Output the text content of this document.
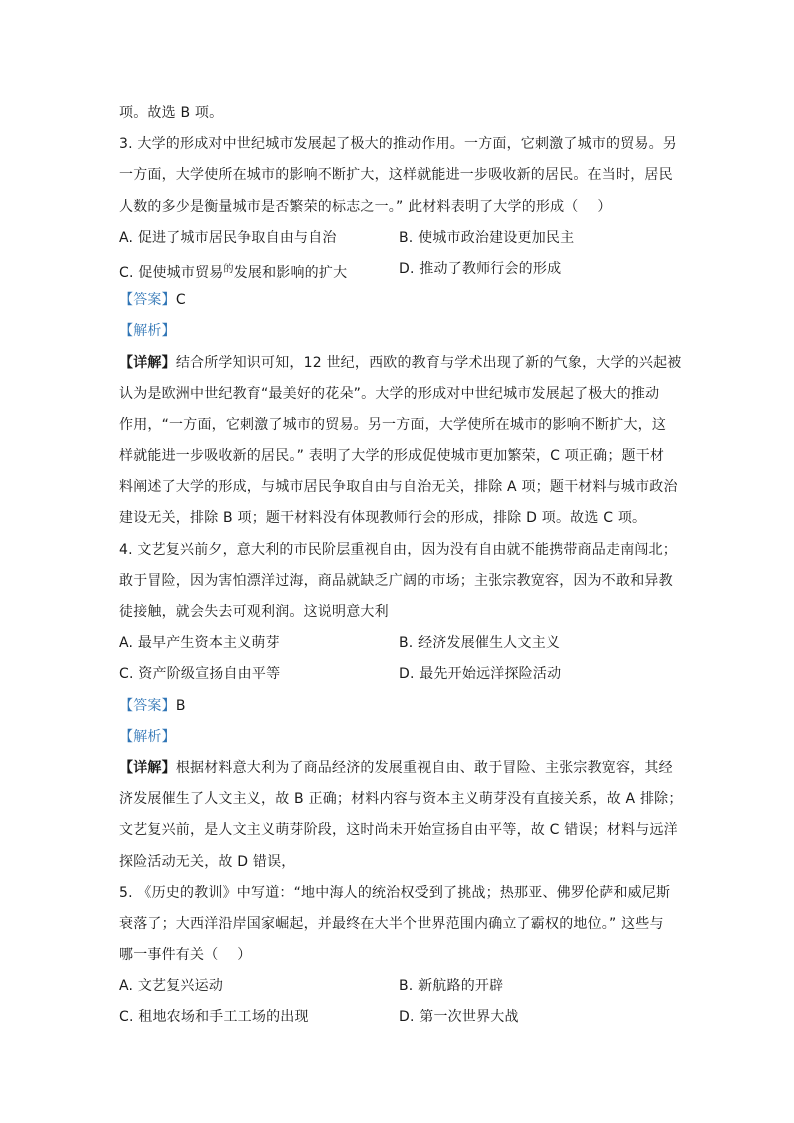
项。故选 B 项。
3. 大学的形成对中世纪城市发展起了极大的推动作用。一方面，它刺激了城市的贸易。另
一方面，大学使所在城市的影响不断扩大，这样就能进一步吸收新的居民。在当时，居民
人数的多少是衡量城市是否繁荣的标志之一。” 此材料表明了大学的形成（　 ）
A. 促进了城市居民争取自由与自治	B. 使城市政治建设更加民主
C. 促使城市贸易$^的$发展和影响的扩大	D. 推动了教师行会的形成
【答案】C
【解析】
【详解】结合所学知识可知，12 世纪，西欧的教育与学术出现了新的气象，大学的兴起被
认为是欧洲中世纪教育“最美好的花朵”。大学的形成对中世纪城市发展起了极大的推动
作用，“一方面，它刺激了城市的贸易。另一方面，大学使所在城市的影响不断扩大，这
样就能进一步吸收新的居民。” 表明了大学的形成促使城市更加繁荣，C 项正确；题干材
料阐述了大学的形成，与城市居民争取自由与自治无关，排除 A 项；题干材料与城市政治
建设无关，排除 B 项；题干材料没有体现教师行会的形成，排除 D 项。故选 C 项。
4. 文艺复兴前夕，意大利的市民阶层重视自由，因为没有自由就不能携带商品走南闯北；
敢于冒险，因为害怕漂洋过海，商品就缺乏广阔的市场；主张宗教宽容，因为不敢和异教
徒接触，就会失去可观利润。这说明意大利
A. 最早产生资本主义萌芽	B. 经济发展催生人文主义
C. 资产阶级宣扬自由平等	D. 最先开始远洋探险活动
【答案】B
【解析】
【详解】根据材料意大利为了商品经济的发展重视自由、敢于冒险、主张宗教宽容，其经
济发展催生了人文主义，故 B 正确；材料内容与资本主义萌芽没有直接关系，故 A 排除；
文艺复兴前，是人文主义萌芽阶段，这时尚未开始宣扬自由平等，故 C 错误；材料与远洋
探险活动无关，故 D 错误，
5. 《历史的教训》中写道：“地中海人的统治权受到了挑战；热那亚、佛罗伦萨和威尼斯
衰落了；大西洋沿岸国家崛起，并最终在大半个世界范围内确立了霸权的地位。” 这些与
哪一事件有关（　 ）
A. 文艺复兴运动	B. 新航路的开辟
C. 租地农场和手工工场的出现	D. 第一次世界大战
